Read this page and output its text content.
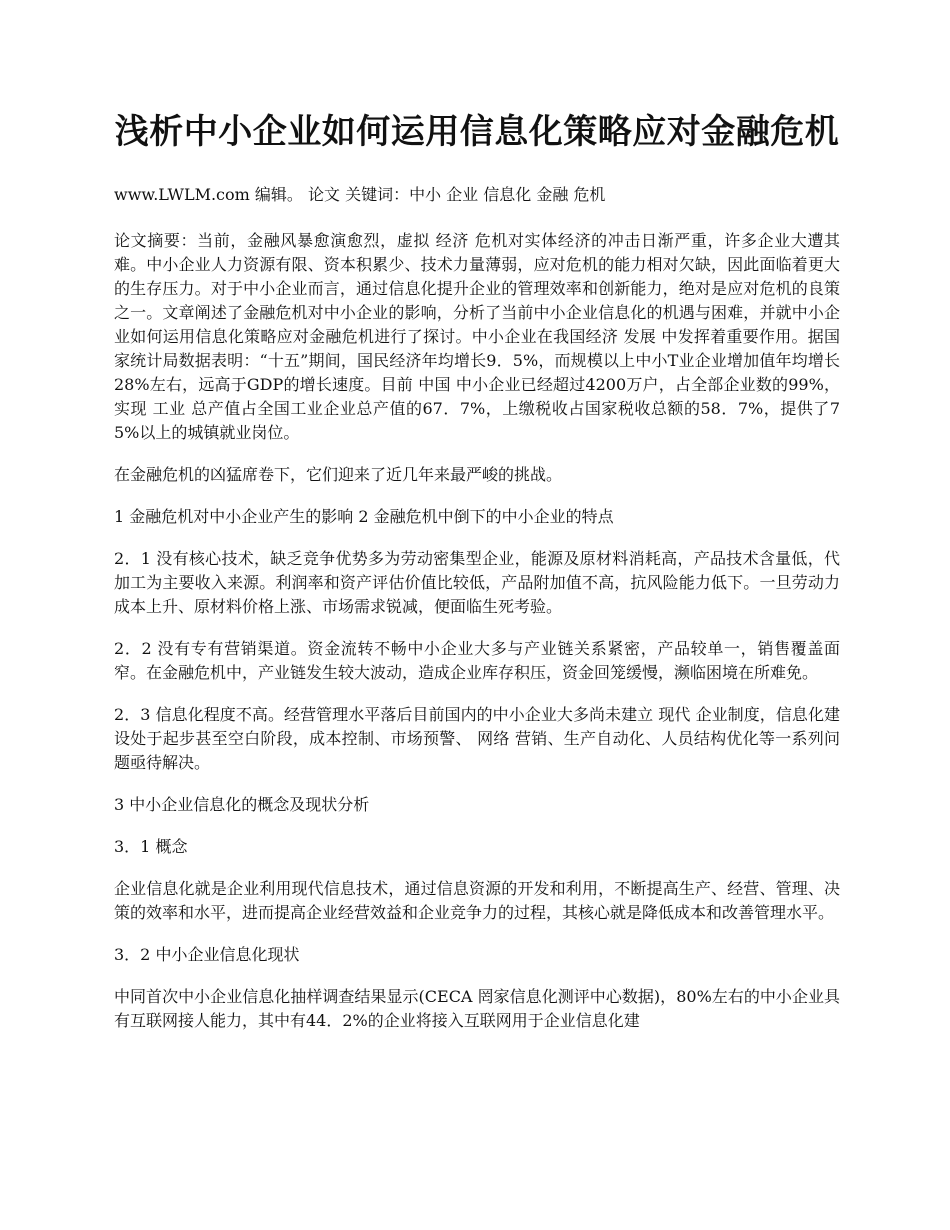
浅析中小企业如何运用信息化策略应对金融危机

www.LWLM.com 编辑。 论文 关键词：中小 企业 信息化 金融 危机

论文摘要：当前，金融风暴愈演愈烈，虚拟 经济 危机对实体经济的冲击日渐严重，许多企业大遭其难。中小企业人力资源有限、资本积累少、技术力量薄弱，应对危机的能力相对欠缺，因此面临着更大的生存压力。对于中小企业而言，通过信息化提升企业的管理效率和创新能力，绝对是应对危机的良策之一。文章阐述了金融危机对中小企业的影响，分析了当前中小企业信息化的机遇与困难，并就中小企业如何运用信息化策略应对金融危机进行了探讨。中小企业在我国经济 发展 中发挥着重要作用。据国家统计局数据表明：“十五”期间，国民经济年均增长9．5%，而规模以上中小T业企业增加值年均增长28%左右，远高于GDP的增长速度。目前 中国 中小企业已经超过4200万户，占全部企业数的99%，实现 工业 总产值占全国工业企业总产值的67．7%，上缴税收占国家税收总额的58．7%，提供了75%以上的城镇就业岗位。

在金融危机的凶猛席卷下，它们迎来了近几年来最严峻的挑战。

1 金融危机对中小企业产生的影响 2 金融危机中倒下的中小企业的特点

2．1 没有核心技术，缺乏竞争优势多为劳动密集型企业，能源及原材料消耗高，产品技术含量低，代加工为主要收入来源。利润率和资产评估价值比较低，产品附加值不高，抗风险能力低下。一旦劳动力成本上升、原材料价格上涨、市场需求锐减，便面临生死考验。

2．2 没有专有营销渠道。资金流转不畅中小企业大多与产业链关系紧密，产品较单一，销售覆盖面窄。在金融危机中，产业链发生较大波动，造成企业库存积压，资金回笼缓慢，濒临困境在所难免。

2．3 信息化程度不高。经营管理水平落后目前国内的中小企业大多尚未建立 现代 企业制度，信息化建设处于起步甚至空白阶段，成本控制、市场预警、 网络 营销、生产自动化、人员结构优化等一系列问题亟待解决。

3 中小企业信息化的概念及现状分析

3．1 概念

企业信息化就是企业利用现代信息技术，通过信息资源的开发和利用，不断提高生产、经营、管理、决策的效率和水平，进而提高企业经营效益和企业竞争力的过程，其核心就是降低成本和改善管理水平。

3．2 中小企业信息化现状

中同首次中小企业信息化抽样调查结果显示(CECA 罔家信息化测评中心数据)，80%左右的中小企业具有互联网接人能力，其中有44．2%的企业将接入互联网用于企业信息化建
